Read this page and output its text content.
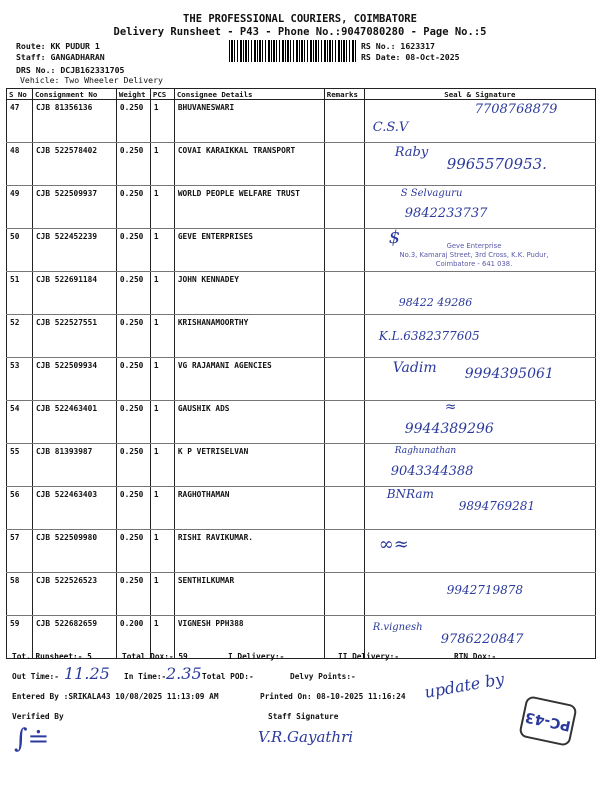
THE PROFESSIONAL COURIERS, COIMBATORE
Delivery Runsheet - P43 - Phone No.:9047080280 - Page No.:5
Route: KK PUDUR 1
Staff: GANGADHARAN
DRS No.: DCJB162331705
Vehicle: Two Wheeler Delivery
RS No.: 1623317
RS Date: 08-Oct-2025
S No	Consignment No	Weight	PCS	Consignee Details	Remarks	Seal & Signature
47	CJB 81356136	0.250	1	BHUVANESWARI		7708768879
C.S.V

48	CJB 522578402	0.250	1	COVAI KARAIKKAL TRANSPORT		9965570953.
Raby

49	CJB 522509937	0.250	1	WORLD PEOPLE WELFARE TRUST		9842233737
S Selvaguru

50	CJB 522452239	0.250	1	GEVE ENTERPRISES		$

51	CJB 522691184	0.250	1	JOHN KENNADEY		98422 49286

52	CJB 522527551	0.250	1	KRISHANAMOORTHY		K.L.6382377605

53	CJB 522509934	0.250	1	VG RAJAMANI AGENCIES		Vadim 9994395061

54	CJB 522463401	0.250	1	GAUSHIK ADS		9944389296
≈

55	CJB 81393987	0.250	1	K P VETRISELVAN		Raghunathan
9043344388

56	CJB 522463403	0.250	1	RAGHOTHAMAN		BNRam
9894769281

57	CJB 522509980	0.250	1	RISHI RAVIKUMAR.		∞≈

58	CJB 522526523	0.250	1	SENTHILKUMAR		9942719878

59	CJB 522682659	0.200	1	VIGNESH PPH388		R.vignesh
9786220847
Geve Enterprise
No.3, Kamaraj Street, 3rd Cross, K.K. Pudur,
Coimbatore - 641 038.
Tot. Runsheet:- 5	Total Dox:- 59	I Delivery:-	II Delivery:-	RTN Dox:-
Out Time:- 11.25 In Time:- 2.35 Total POD:-	Delvy Points:-
Entered By :SRIKALA43 10/08/2025 11:13:09 AM	Printed On: 08-10-2025 11:16:24 update by
Verified By
∫≐
Staff Signature
V.R.Gayathri
PC-43
